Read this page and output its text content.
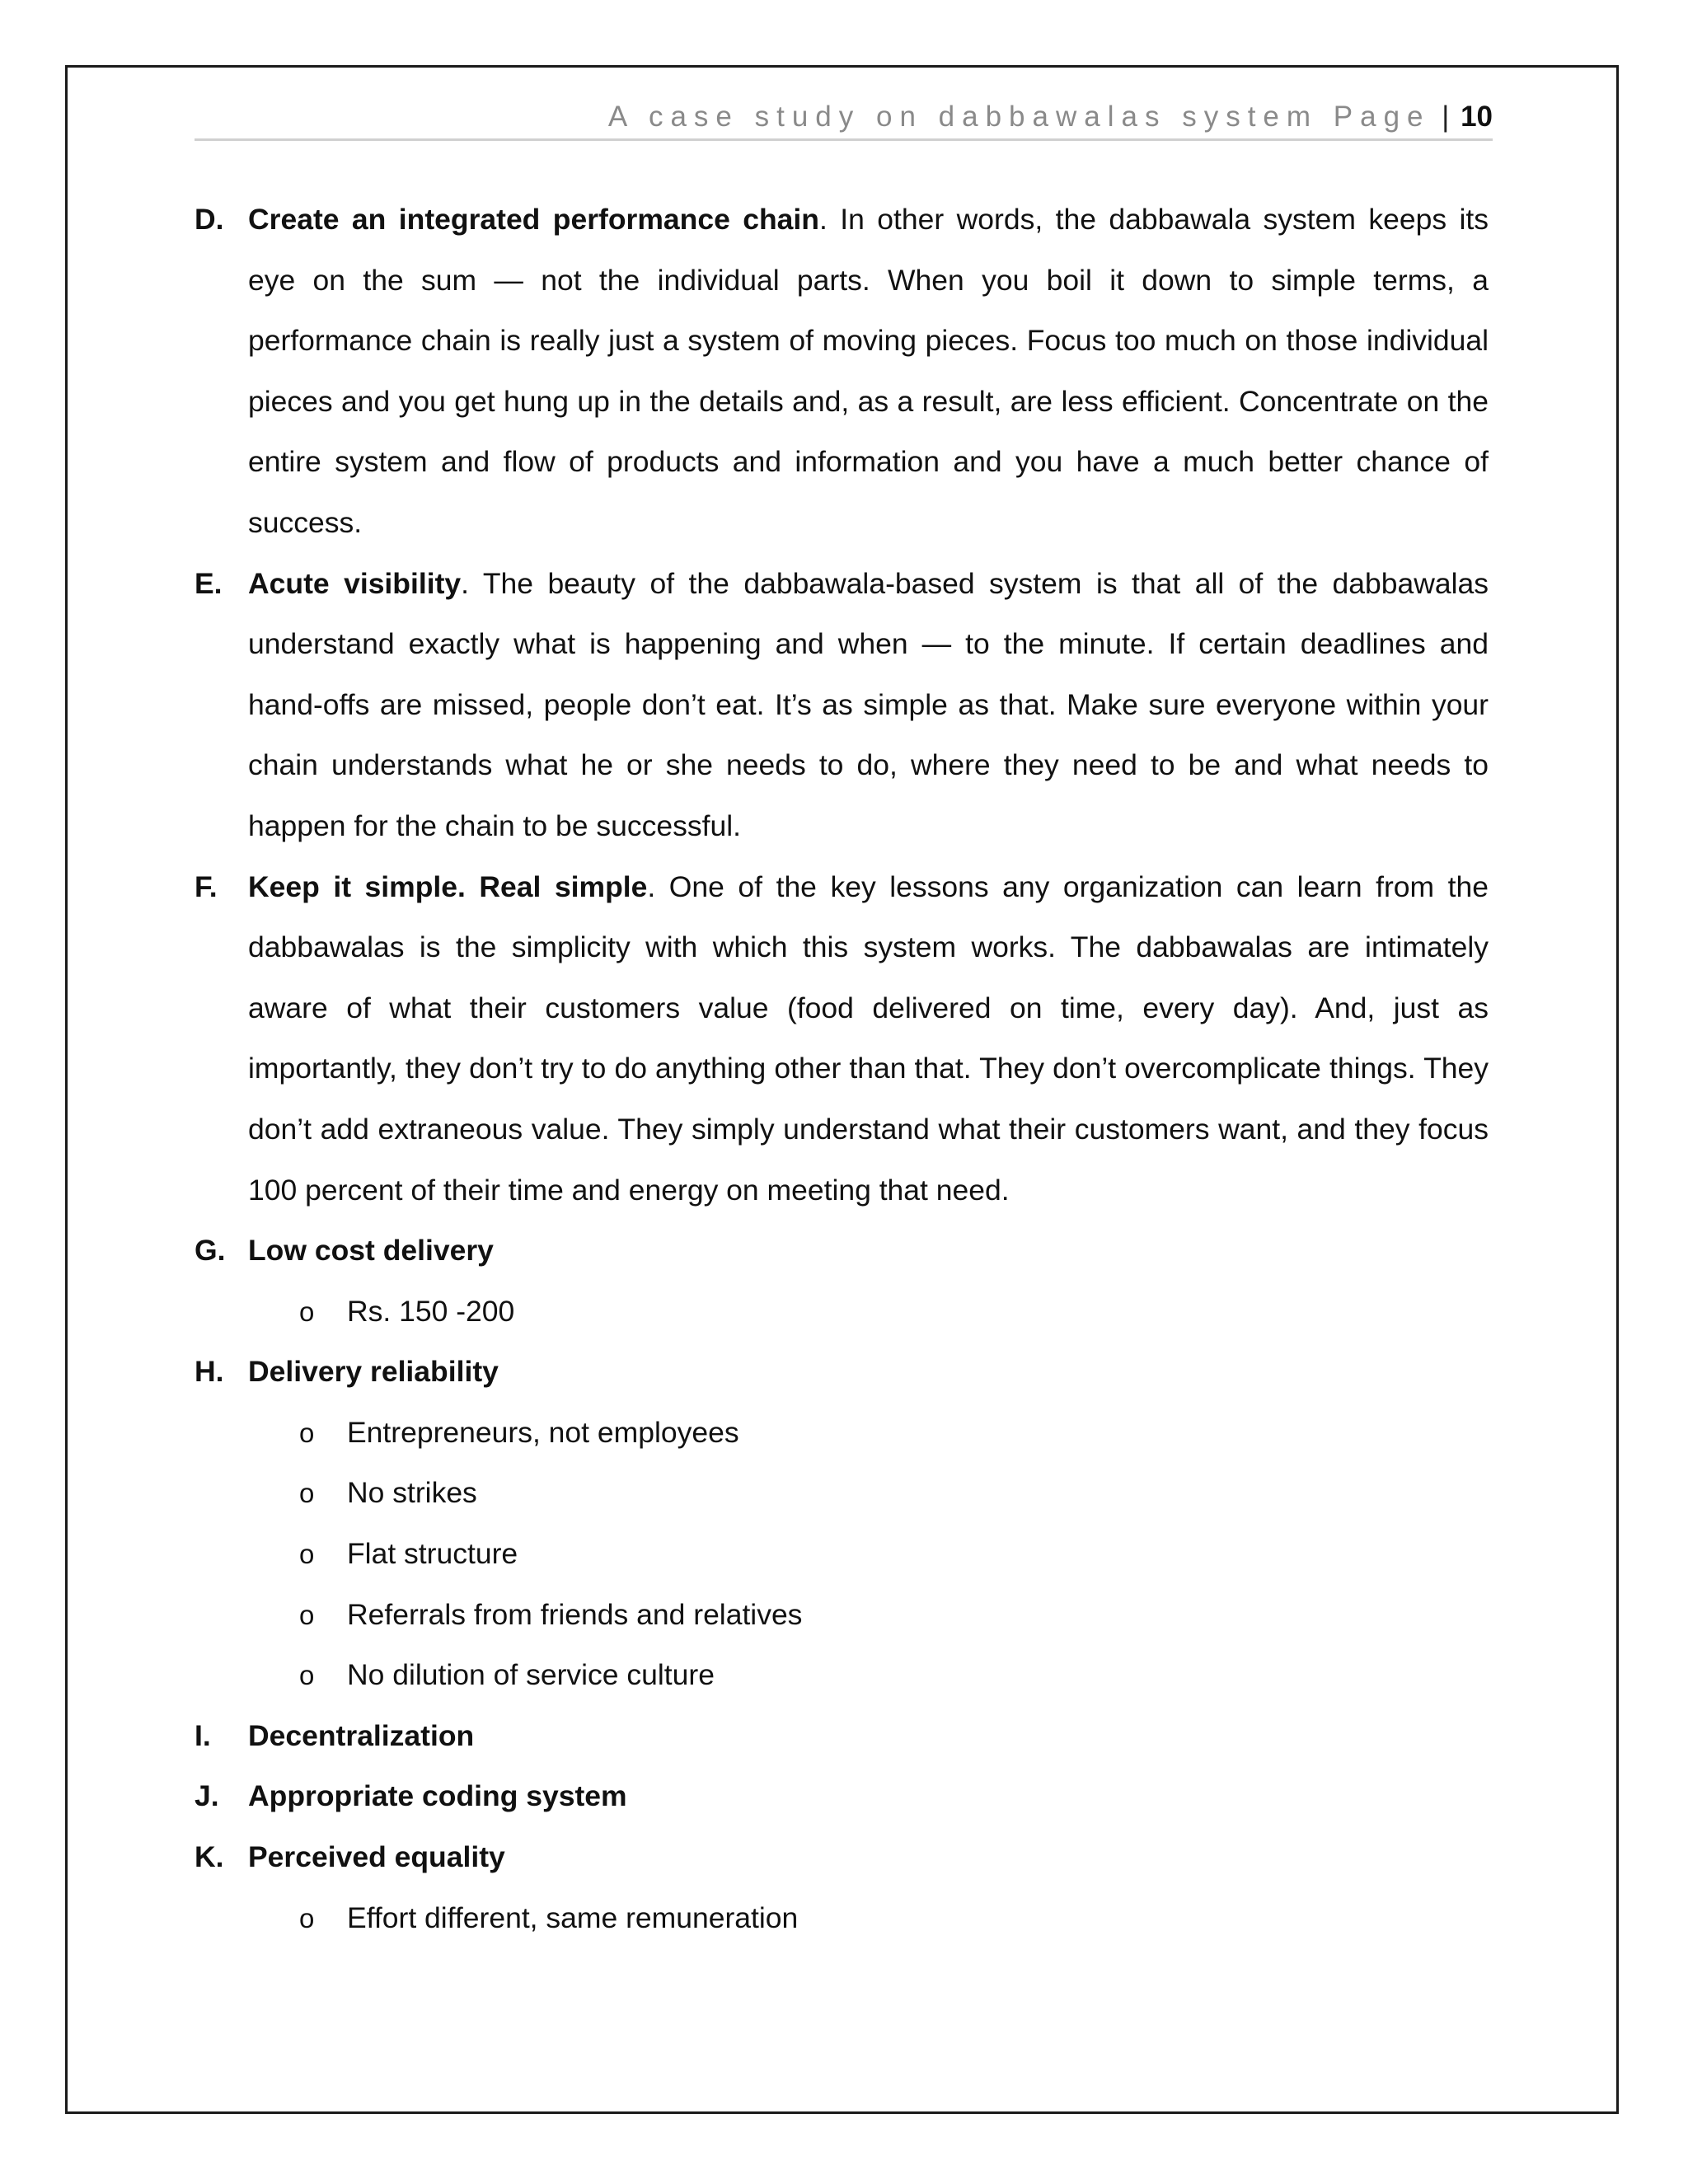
A case study on dabbawalas system Page | 10
D. Create an integrated performance chain. In other words, the dabbawala system keeps its eye on the sum — not the individual parts. When you boil it down to simple terms, a performance chain is really just a system of moving pieces. Focus too much on those individual pieces and you get hung up in the details and, as a result, are less efficient. Concentrate on the entire system and flow of products and information and you have a much better chance of success.
E. Acute visibility. The beauty of the dabbawala-based system is that all of the dabbawalas understand exactly what is happening and when — to the minute. If certain deadlines and hand-offs are missed, people don’t eat. It’s as simple as that. Make sure everyone within your chain understands what he or she needs to do, where they need to be and what needs to happen for the chain to be successful.
F. Keep it simple. Real simple. One of the key lessons any organization can learn from the dabbawalas is the simplicity with which this system works. The dabbawalas are intimately aware of what their customers value (food delivered on time, every day). And, just as importantly, they don’t try to do anything other than that. They don’t overcomplicate things. They don’t add extraneous value. They simply understand what their customers want, and they focus 100 percent of their time and energy on meeting that need.
G. Low cost delivery
o Rs. 150 -200
H. Delivery reliability
o Entrepreneurs, not employees
o No strikes
o Flat structure
o Referrals from friends and relatives
o No dilution of service culture
I. Decentralization
J. Appropriate coding system
K. Perceived equality
o Effort different, same remuneration
